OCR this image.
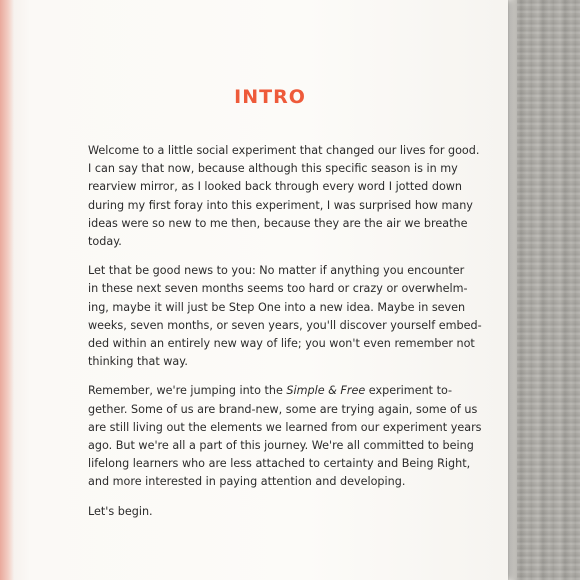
INTRO

Welcome to a little social experiment that changed our lives for good.
I can say that now, because although this specific season is in my
rearview mirror, as I looked back through every word I jotted down
during my first foray into this experiment, I was surprised how many
ideas were so new to me then, because they are the air we breathe
today.

Let that be good news to you: No matter if anything you encounter
in these next seven months seems too hard or crazy or overwhelm-
ing, maybe it will just be Step One into a new idea. Maybe in seven
weeks, seven months, or seven years, you'll discover yourself embed-
ded within an entirely new way of life; you won't even remember not
thinking that way.

Remember, we're jumping into the Simple & Free experiment to-
gether. Some of us are brand-new, some are trying again, some of us
are still living out the elements we learned from our experiment years
ago. But we're all a part of this journey. We're all committed to being
lifelong learners who are less attached to certainty and Being Right,
and more interested in paying attention and developing.

Let's begin.
